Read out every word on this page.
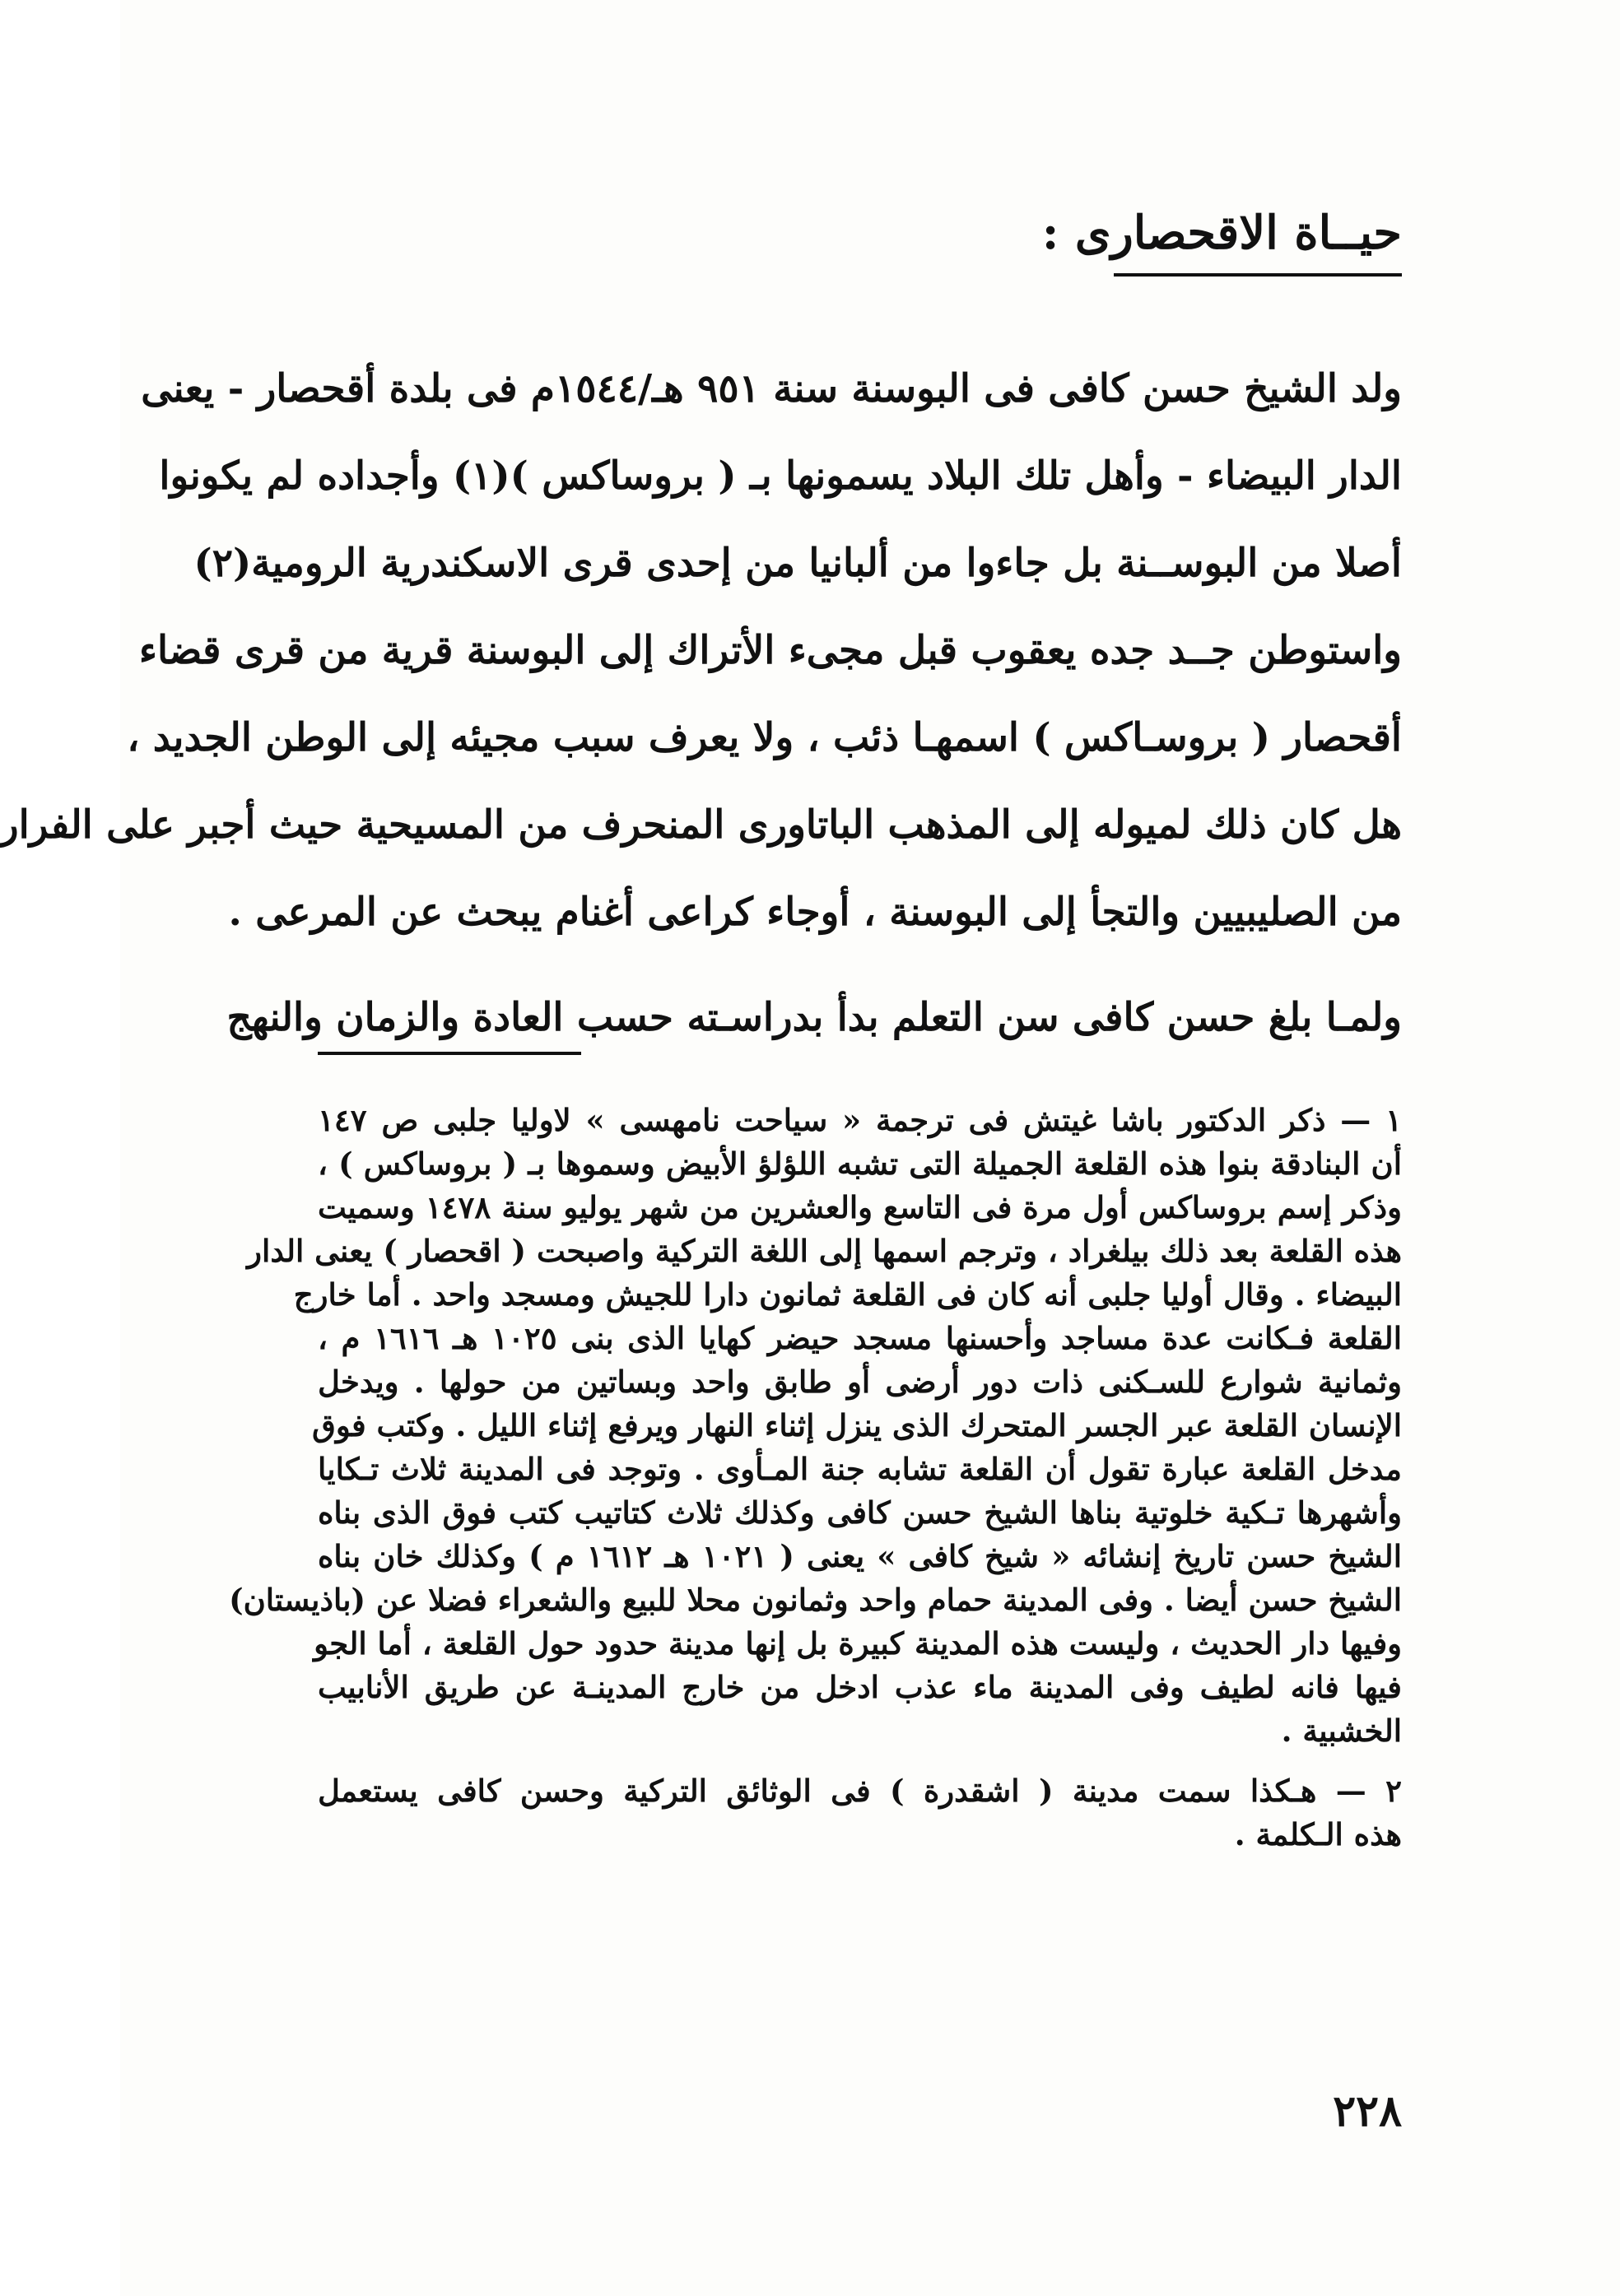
حيــاة الاقحصارى :
ولد الشيخ حسن كافى فى البوسنة سنة ٩٥١ هـ/١٥٤٤م فى بلدة أقحصار - يعنى
الدار البيضاء - وأهل تلك البلاد يسمونها بـ ( بروساكس )(١) وأجداده لم يكونوا
أصلا من البوســنة بل جاءوا من ألبانيا من إحدى قرى الاسكندرية الرومية(٢)
واستوطن جــد جده يعقوب قبل مجىء الأتراك إلى البوسنة قرية من قرى قضاء
أقحصار ( بروسـاكس ) اسمهـا ذئب ، ولا يعرف سبب مجيئه إلى الوطن الجديد ،
هل كان ذلك لميوله إلى المذهب الباتاورى المنحرف من المسيحية حيث أجبر على الفرار
من الصليبيين والتجأ إلى البوسنة ، أوجاء كراعى أغنام يبحث عن المرعى .
ولمـا بلغ حسن كافى سن التعلم بدأ بدراسـته حسب العادة والزمان والنهج
١ — ذكر الدكتور باشا غيتش فى ترجمة « سياحت نامهسى » لاوليا جلبى ص ١٤٧
أن البنادقة بنوا هذه القلعة الجميلة التى تشبه اللؤلؤ الأبيض وسموها بـ ( بروساكس ) ،
وذكر إسم بروساكس أول مرة فى التاسع والعشرين من شهر يوليو سنة ١٤٧٨ وسميت
هذه القلعة بعد ذلك بيلغراد ، وترجم اسمها إلى اللغة التركية واصبحت ( اقحصار ) يعنى الدار
البيضاء . وقال أوليا جلبى أنه كان فى القلعة ثمانون دارا للجيش ومسجد واحد . أما خارج
القلعة فـكانت عدة مساجد وأحسنها مسجد حيضر كهايا الذى بنى ١٠٢٥ هـ ١٦١٦ م ،
وثمانية شوارع للسـكنى ذات دور أرضى أو طابق واحد وبساتين من حولها . ويدخل
الإنسان القلعة عبر الجسر المتحرك الذى ينزل إثناء النهار ويرفع إثناء الليل . وكتب فوق
مدخل القلعة عبارة تقول أن القلعة تشابه جنة المـأوى . وتوجد فى المدينة ثلاث تـكايا
وأشهرها تـكية خلوتية بناها الشيخ حسن كافى وكذلك ثلاث كتاتيب كتب فوق الذى بناه
الشيخ حسن تاريخ إنشائه « شيخ كافى » يعنى ( ١٠٢١ هـ ١٦١٢ م ) وكذلك خان بناه
الشيخ حسن أيضا . وفى المدينة حمام واحد وثمانون محلا للبيع والشعراء فضلا عن (باذيستان)
وفيها دار الحديث ، وليست هذه المدينة كبيرة بل إنها مدينة حدود حول القلعة ، أما الجو
فيها فانه لطيف وفى المدينة ماء عذب ادخل من خارج المدينـة عن طريق الأنابيب
الخشبية .
٢ — هـكذا سمت مدينة ( اشقدرة ) فى الوثائق التركية وحسن كافى يستعمل
هذه الـكلمة .
٢٢٨
